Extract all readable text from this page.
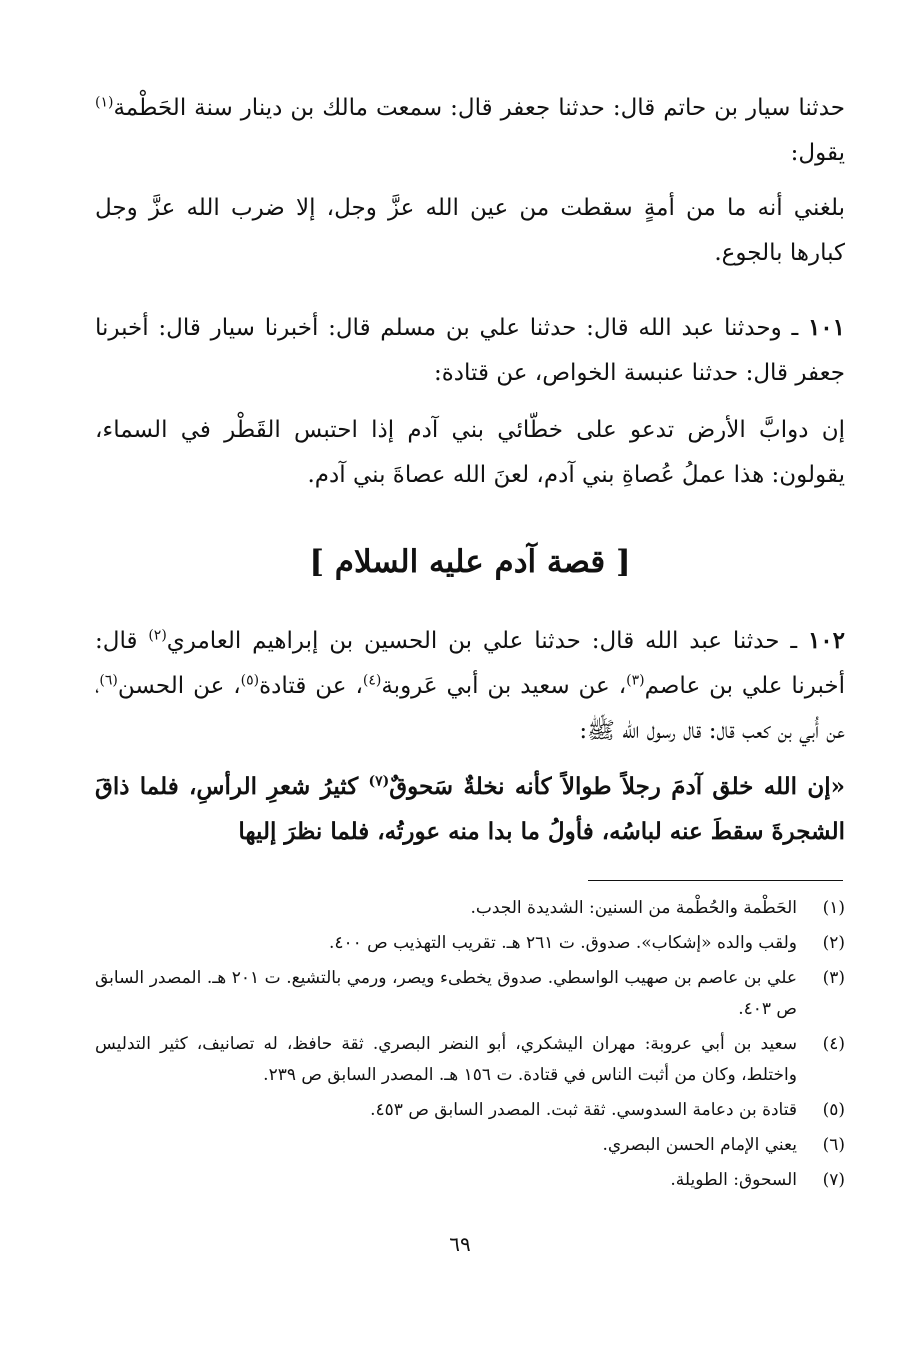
حدثنا سيار بن حاتم قال: حدثنا جعفر قال: سمعت مالك بن دينار سنة الحَطْمة$^{(١)}$ يقول:

بلغني أنه ما من أمةٍ سقطت من عين الله عزَّ وجل، إلا ضرب الله عزَّ وجل كبارها بالجوع.

١٠١ ـ وحدثنا عبد الله قال: حدثنا علي بن مسلم قال: أخبرنا سيار قال: أخبرنا جعفر قال: حدثنا عنبسة الخواص، عن قتادة:

إن دوابَّ الأرض تدعو على خطّائي بني آدم إذا احتبس القَطْر في السماء، يقولون: هذا عملُ عُصاةِ بني آدم، لعنَ الله عصاةَ بني آدم.

[ قصة آدم عليه السلام ]

١٠٢ ـ حدثنا عبد الله قال: حدثنا علي بن الحسين بن إبراهيم العامري$^{(٢)}$ قال: أخبرنا علي بن عاصم$^{(٣)}$، عن سعيد بن أبي عَروبة$^{(٤)}$، عن قتادة$^{(٥)}$، عن الحسن$^{(٦)}$، عن أُبي بن كعب قال: قال رسول الله ﷺ:

«إن الله خلق آدمَ رجلاً طوالاً كأنه نخلةٌ سَحوقٌ$^{(٧)}$ كثيرُ شعرِ الرأسِ، فلما ذاقَ الشجرةَ سقطَ عنه لباسُه، فأولُ ما بدا منه عورتُه، فلما نظرَ إليها

(١)
الحَطْمة والحُطْمة من السنين: الشديدة الجدب.
(٢)
ولقب والده «إشكاب». صدوق. ت ٢٦١ هـ. تقريب التهذيب ص ٤٠٠.
(٣)
علي بن عاصم بن صهيب الواسطي. صدوق يخطىء ويصر، ورمي بالتشيع. ت ٢٠١ هـ. المصدر السابق ص ٤٠٣.
(٤)
سعيد بن أبي عروبة: مهران اليشكري، أبو النضر البصري. ثقة حافظ، له تصانيف، كثير التدليس واختلط، وكان من أثبت الناس في قتادة. ت ١٥٦ هـ. المصدر السابق ص ٢٣٩.
(٥)
قتادة بن دعامة السدوسي. ثقة ثبت. المصدر السابق ص ٤٥٣.
(٦)
يعني الإمام الحسن البصري.
(٧)
السحوق: الطويلة.
٦٩
